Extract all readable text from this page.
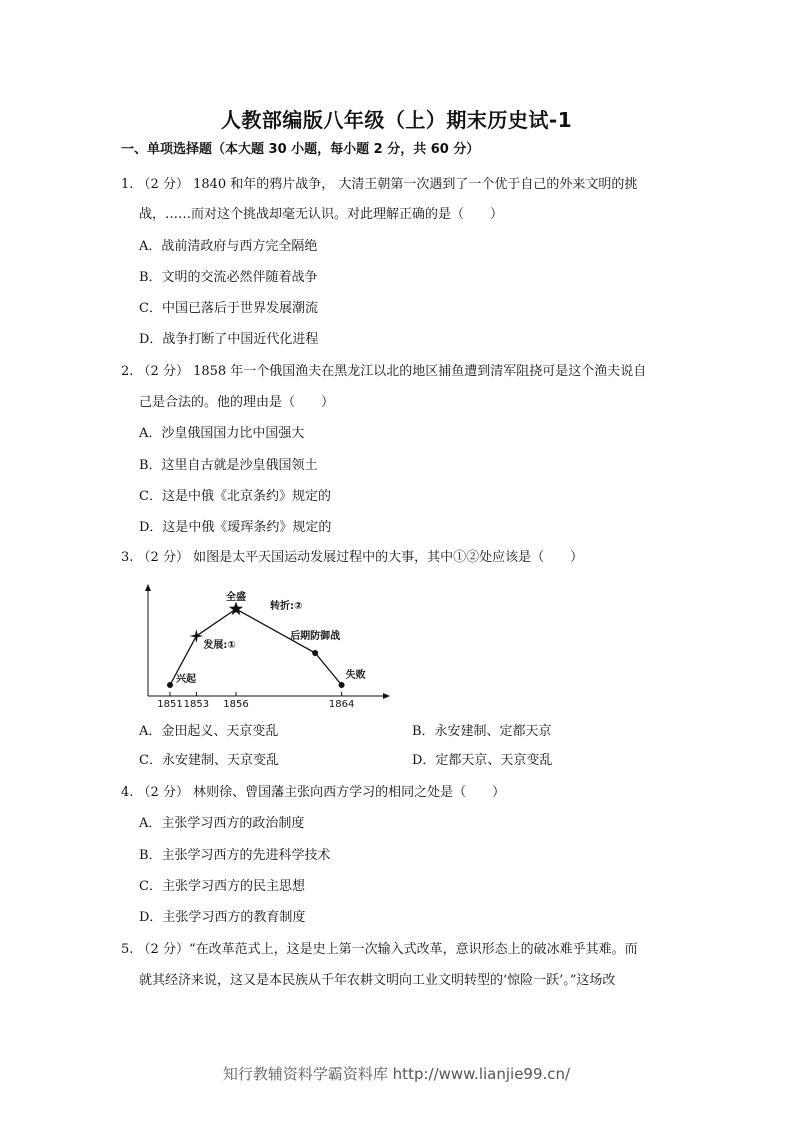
人教部编版八年级（上）期末历史试-1
一、单项选择题（本大题 30 小题，每小题 2 分，共 60 分）
1. （2 分） 1840 和年的鸦片战争， 大清王朝第一次遇到了一个优于自己的外来文明的挑
战，……而对这个挑战却毫无认识。对此理解正确的是（　　）
A．战前清政府与西方完全隔绝
B．文明的交流必然伴随着战争
C．中国已落后于世界发展潮流
D．战争打断了中国近代化进程
2. （2 分） 1858 年一个俄国渔夫在黑龙江以北的地区捕鱼遭到清军阻挠可是这个渔夫说自
己是合法的。他的理由是（　　）
A．沙皇俄国国力比中国强大
B．这里自古就是沙皇俄国领土
C．这是中俄《北京条约》规定的
D．这是中俄《瑷珲条约》规定的
3. （2 分） 如图是太平天国运动发展过程中的大事，其中①②处应该是（　　）
兴起
发展:①
全盛
转折:②
后期防御战
失败
1851 1853 1856	1864
A．金田起义、天京变乱	B．永安建制、定都天京
C．永安建制、天京变乱	D．定都天京、天京变乱
4. （2 分） 林则徐、曾国藩主张向西方学习的相同之处是（　　）
A．主张学习西方的政治制度
B．主张学习西方的先进科学技术
C．主张学习西方的民主思想
D．主张学习西方的教育制度
5. （2 分）“在改革范式上，这是史上第一次输入式改革，意识形态上的破冰难乎其难。而
就其经济来说，这又是本民族从千年农耕文明向工业文明转型的‘惊险一跃’。”这场改
知行教辅资料学霸资料库 http://www.lianjie99.cn/
